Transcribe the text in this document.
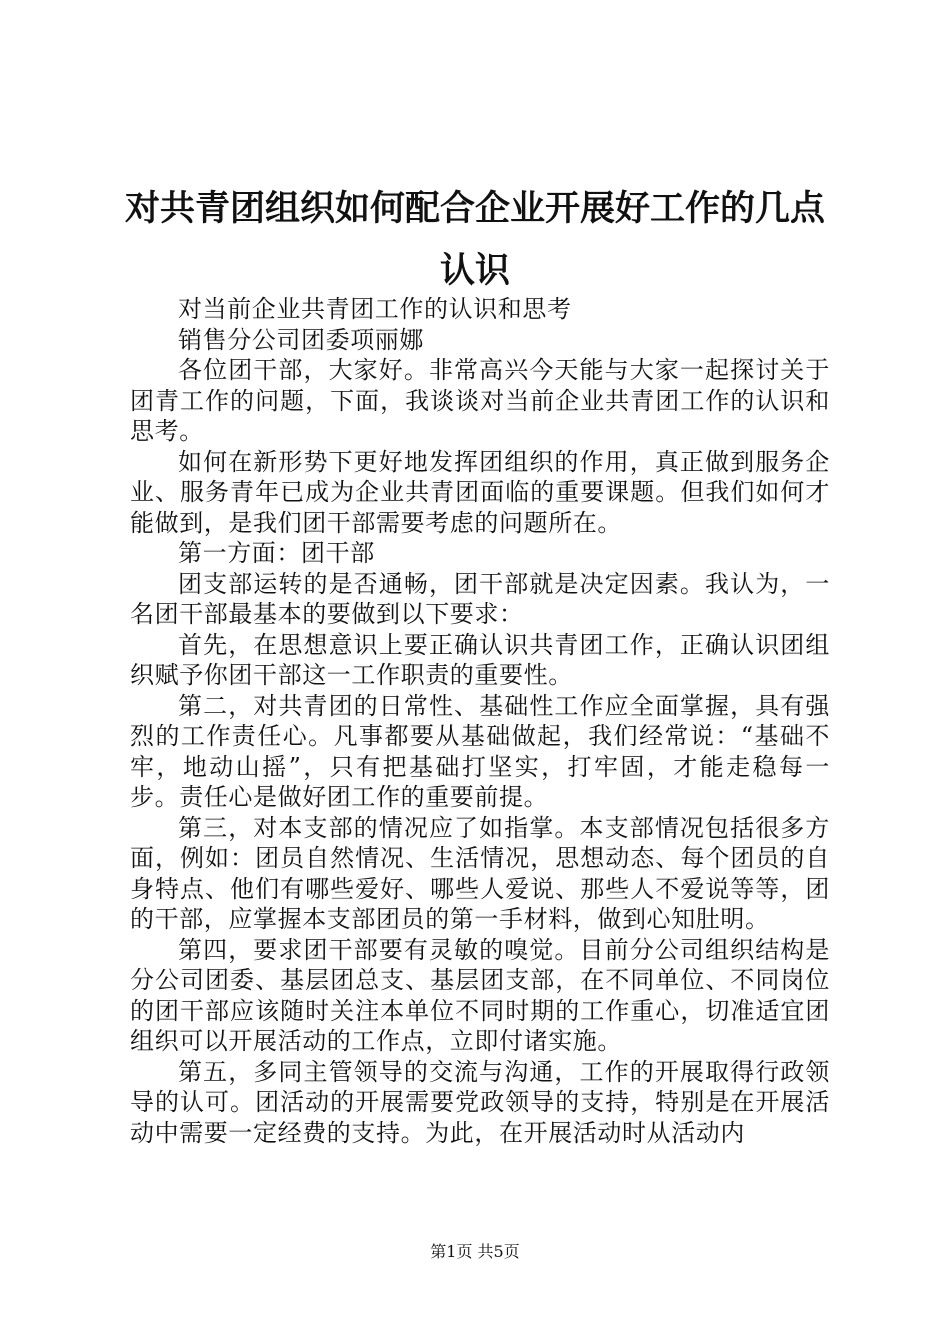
对共青团组织如何配合企业开展好工作的几点认识

对当前企业共青团工作的认识和思考

销售分公司团委项丽娜

各位团干部，大家好。非常高兴今天能与大家一起探讨关于团青工作的问题，下面，我谈谈对当前企业共青团工作的认识和思考。

如何在新形势下更好地发挥团组织的作用，真正做到服务企业、服务青年已成为企业共青团面临的重要课题。但我们如何才能做到，是我们团干部需要考虑的问题所在。

第一方面：团干部

团支部运转的是否通畅，团干部就是决定因素。我认为，一名团干部最基本的要做到以下要求：

首先，在思想意识上要正确认识共青团工作，正确认识团组织赋予你团干部这一工作职责的重要性。

第二，对共青团的日常性、基础性工作应全面掌握，具有强烈的工作责任心。凡事都要从基础做起，我们经常说：“基础不牢，地动山摇”，只有把基础打坚实，打牢固，才能走稳每一步。责任心是做好团工作的重要前提。

第三，对本支部的情况应了如指掌。本支部情况包括很多方面，例如：团员自然情况、生活情况，思想动态、每个团员的自身特点、他们有哪些爱好、哪些人爱说、那些人不爱说等等，团的干部，应掌握本支部团员的第一手材料，做到心知肚明。

第四，要求团干部要有灵敏的嗅觉。目前分公司组织结构是分公司团委、基层团总支、基层团支部，在不同单位、不同岗位的团干部应该随时关注本单位不同时期的工作重心，切准适宜团组织可以开展活动的工作点，立即付诸实施。

第五，多同主管领导的交流与沟通，工作的开展取得行政领导的认可。团活动的开展需要党政领导的支持，特别是在开展活动中需要一定经费的支持。为此，在开展活动时从活动内

第1页 共5页
